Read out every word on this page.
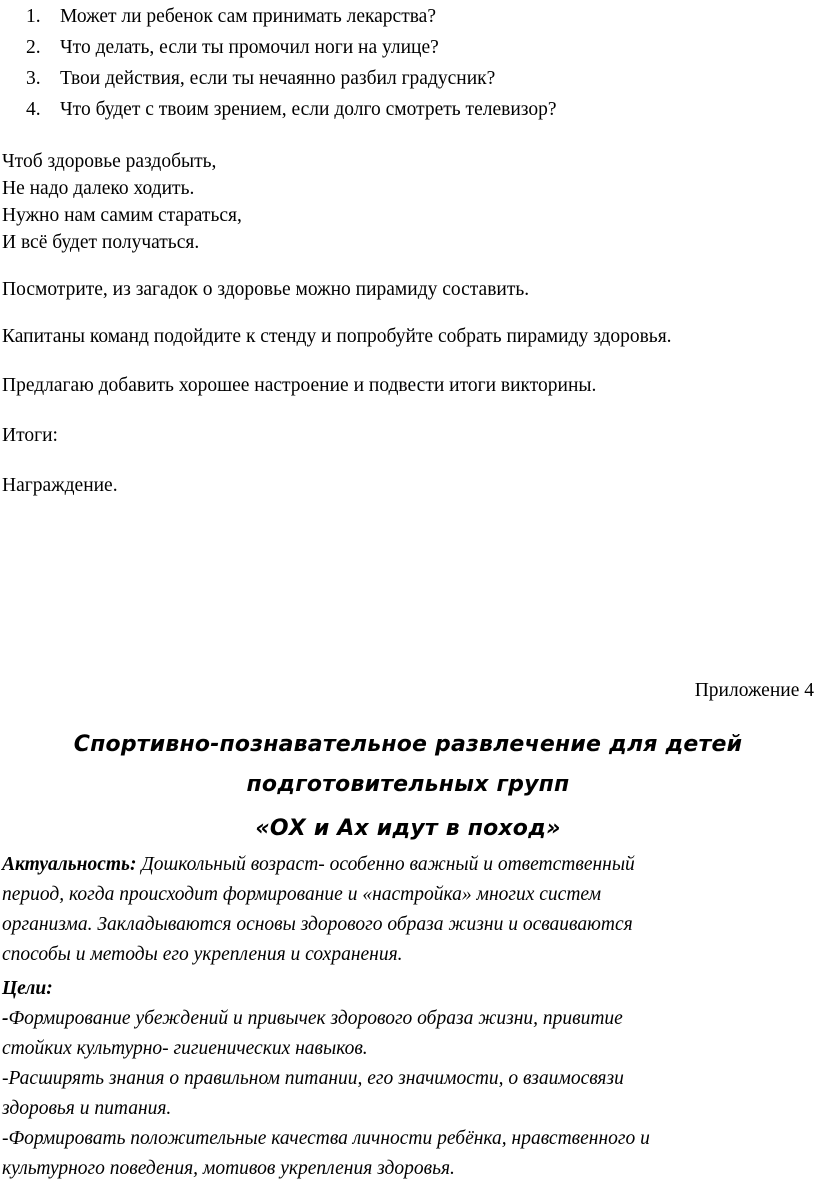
1. Может ли ребенок сам принимать лекарства?
2. Что делать, если ты промочил ноги на улице?
3. Твои действия, если ты нечаянно разбил градусник?
4. Что будет с твоим зрением, если долго смотреть телевизор?
Чтоб здоровье раздобыть,
Не надо далеко ходить.
Нужно нам самим стараться,
И всё будет получаться.
Посмотрите, из загадок о здоровье можно пирамиду составить.
Капитаны команд подойдите к стенду и попробуйте собрать пирамиду здоровья.
Предлагаю добавить хорошее настроение и подвести итоги викторины.
Итоги:
Награждение.
Приложение 4
Спортивно-познавательное развлечение для детей
подготовительных групп
«ОХ и Ах идут в поход»
Актуальность: Дошкольный возраст- особенно важный и ответственный
период, когда происходит формирование и «настройка» многих систем
организма. Закладываются основы здорового образа жизни и осваиваются
способы и методы его укрепления и сохранения.
Цели:
-Формирование убеждений и привычек здорового образа жизни, привитие
стойких культурно- гигиенических навыков.
-Расширять знания о правильном питании, его значимости, о взаимосвязи
здоровья и питания.
-Формировать положительные качества личности ребёнка, нравственного и
культурного поведения, мотивов укрепления здоровья.
